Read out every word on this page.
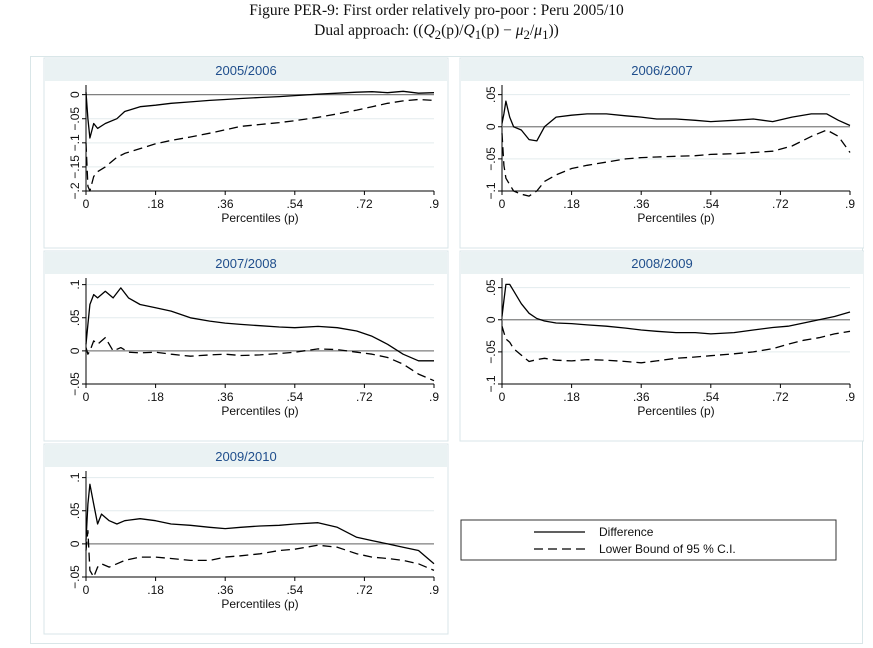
Figure PER-9: First order relatively pro-poor : Peru 2005/10
Dual approach: $((Q_2(p)/Q_1(p) - \mu_2/\mu_1))$
2005/2006
−.2
−.15
−.1
−.05
0
0	.18	.36	.54	.72	.9
Percentiles (p)
2006/2007
−.1
−.05
0
.05
0	.18	.36	.54	.72	.9
Percentiles (p)
2007/2008
−.05
0
.05
.1
0	.18	.36	.54	.72	.9
Percentiles (p)
2008/2009
−.1
−.05
0
.05
0	.18	.36	.54	.72	.9
Percentiles (p)
2009/2010
−.05
0
.05
.1
0	.18	.36	.54	.72	.9
Percentiles (p)
Difference
Lower Bound of 95 % C.I.
